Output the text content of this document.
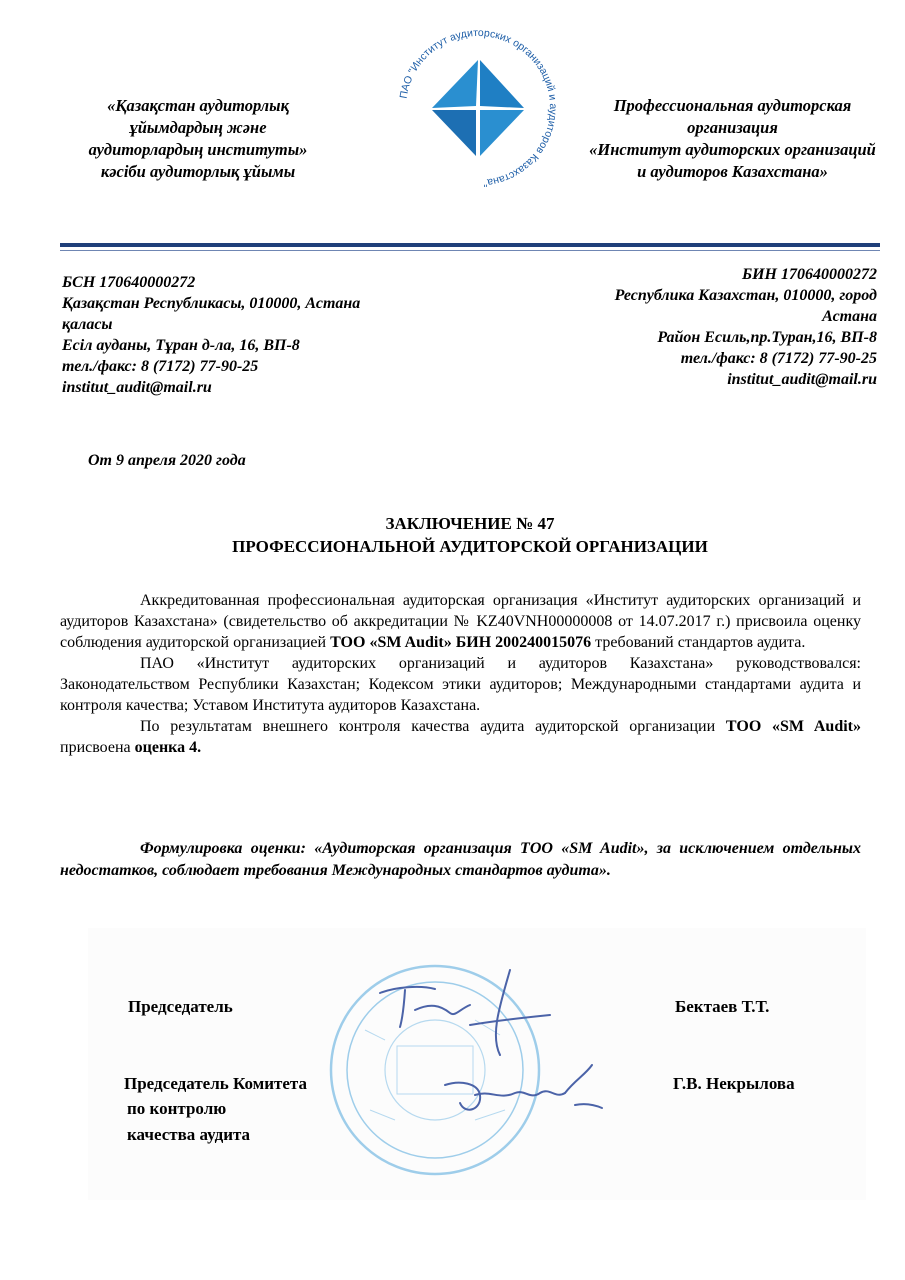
«Қазақстан аудиторлық
ұйымдардың және
аудиторлардың институты»
кәсіби аудиторлық ұйымы
ПАО "Институт аудиторских организаций и аудиторов Казахстана"
Профессиональная аудиторская
организация
«Институт аудиторских организаций
и аудиторов Казахстана»
БСН 170640000272
Қазақстан Республикасы, 010000, Астана
қаласы
Есіл ауданы, Тұран д-ла, 16, ВП-8
тел./факс: 8 (7172) 77-90-25
institut_audit@mail.ru
БИН 170640000272
Республика Казахстан, 010000, город
Астана
Район Есиль,пр.Туран,16, ВП-8
тел./факс: 8 (7172) 77-90-25
institut_audit@mail.ru
От 9 апреля 2020 года
ЗАКЛЮЧЕНИЕ № 47
ПРОФЕССИОНАЛЬНОЙ АУДИТОРСКОЙ ОРГАНИЗАЦИИ

Аккредитованная профессиональная аудиторская организация «Институт аудиторских организаций и аудиторов Казахстана» (свидетельство об аккредитации № KZ40VNH00000008 от 14.07.2017 г.) присвоила оценку соблюдения аудиторской организацией ТОО «SM Audit» БИН 200240015076 требований стандартов аудита.

ПАО «Институт аудиторских организаций и аудиторов Казахстана» руководствовался: Законодательством Республики Казахстан; Кодексом этики аудиторов; Международными стандартами аудита и контроля качества; Уставом Института аудиторов Казахстана.

По результатам внешнего контроля качества аудита аудиторской организации ТОО «SM Audit» присвоена оценка 4.

Формулировка оценки: «Аудиторская организация ТОО «SM Audit», за исключением отдельных недостатков, соблюдает требования Международных стандартов аудита».
Председатель	Бектаев Т.Т.
Председатель Комитета
по контролю
качества аудита
Г.В. Некрылова
